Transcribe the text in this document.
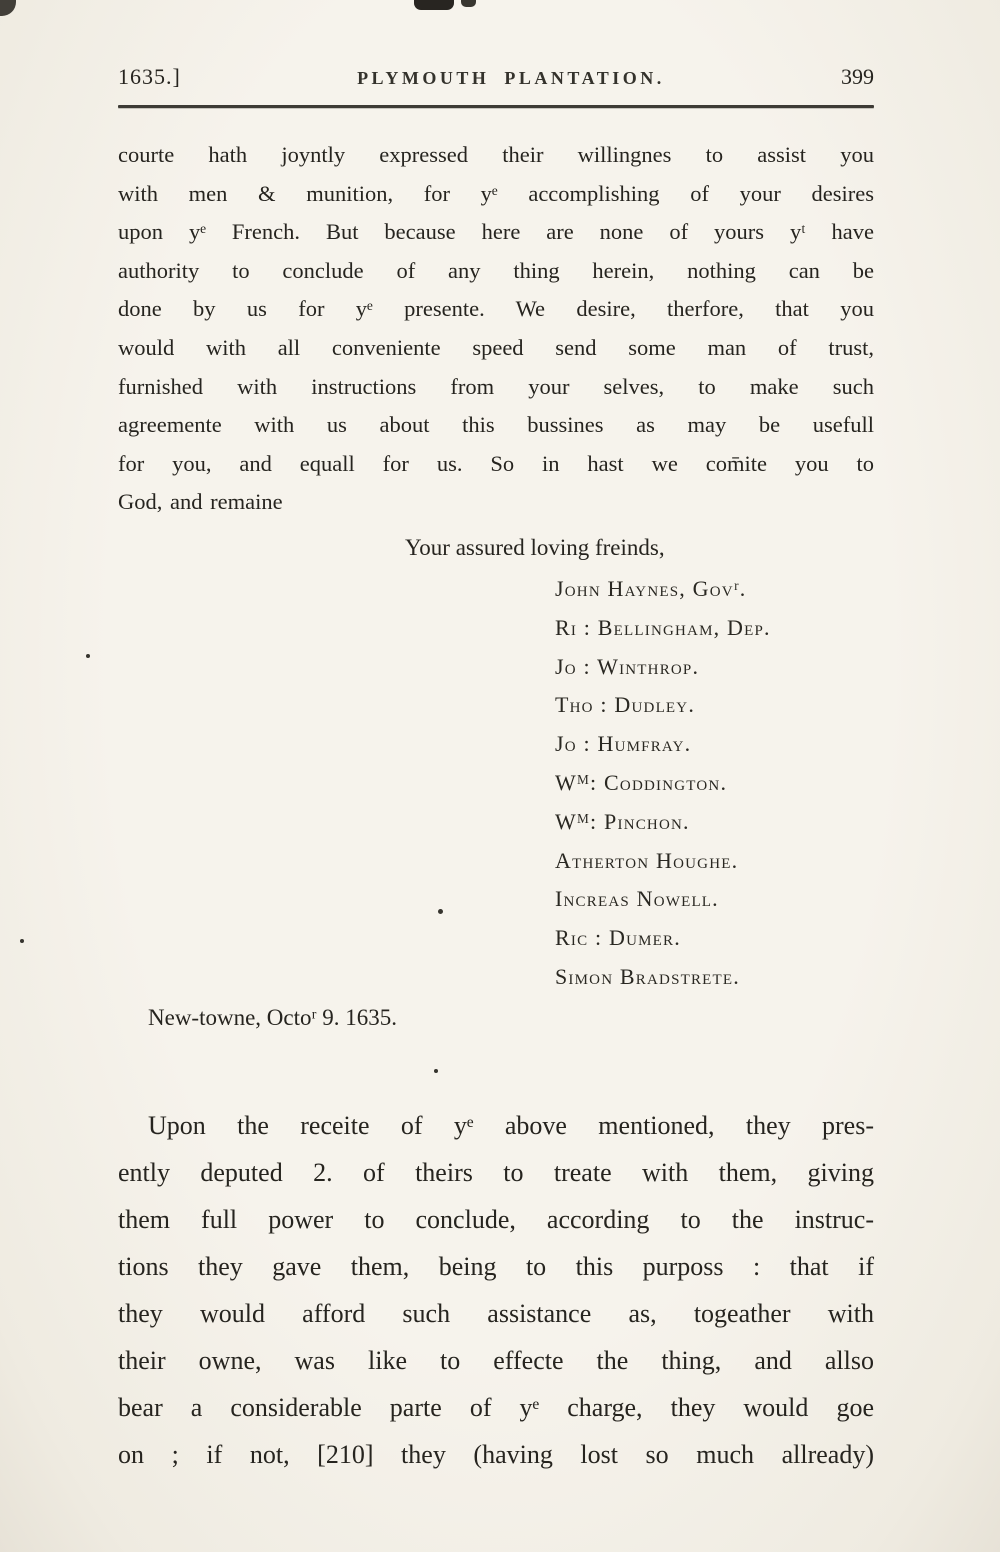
1635.]	PLYMOUTH PLANTATION.	399
courte hath joyntly expressed their willingnes to assist you
with men & munition, for yᵉ accomplishing of your desires
upon yᵉ French. But because here are none of yours yᵗ have
authority to conclude of any thing herein, nothing can be
done by us for yᵉ presente. We desire, therfore, that you
would with all conveniente speed send some man of trust,
furnished with instructions from your selves, to make such
agreemente with us about this bussines as may be usefull
for you, and equall for us. So in hast we com̄ite you to
God, and remaine
Your assured loving freinds,
John Haynes, Govʳ.
Ri : Bellingham, Dep.
Jo : Winthrop.
Tho : Dudley.
Jo : Humfray.
Wᴹ: Coddington.
Wᴹ: Pinchon.
Atherton Houghe.
Increas Nowell.
Ric : Dumer.
Simon Bradstrete.
New-towne, Octoʳ 9. 1635.
Upon the receite of yᵉ above mentioned, they pres-
ently deputed 2. of theirs to treate with them, giving
them full power to conclude, according to the instruc-
tions they gave them, being to this purposs : that if
they would afford such assistance as, togeather with
their owne, was like to effecte the thing, and allso
bear a considerable parte of yᵉ charge, they would goe
on ; if not, [210] they (having lost so much allready)
